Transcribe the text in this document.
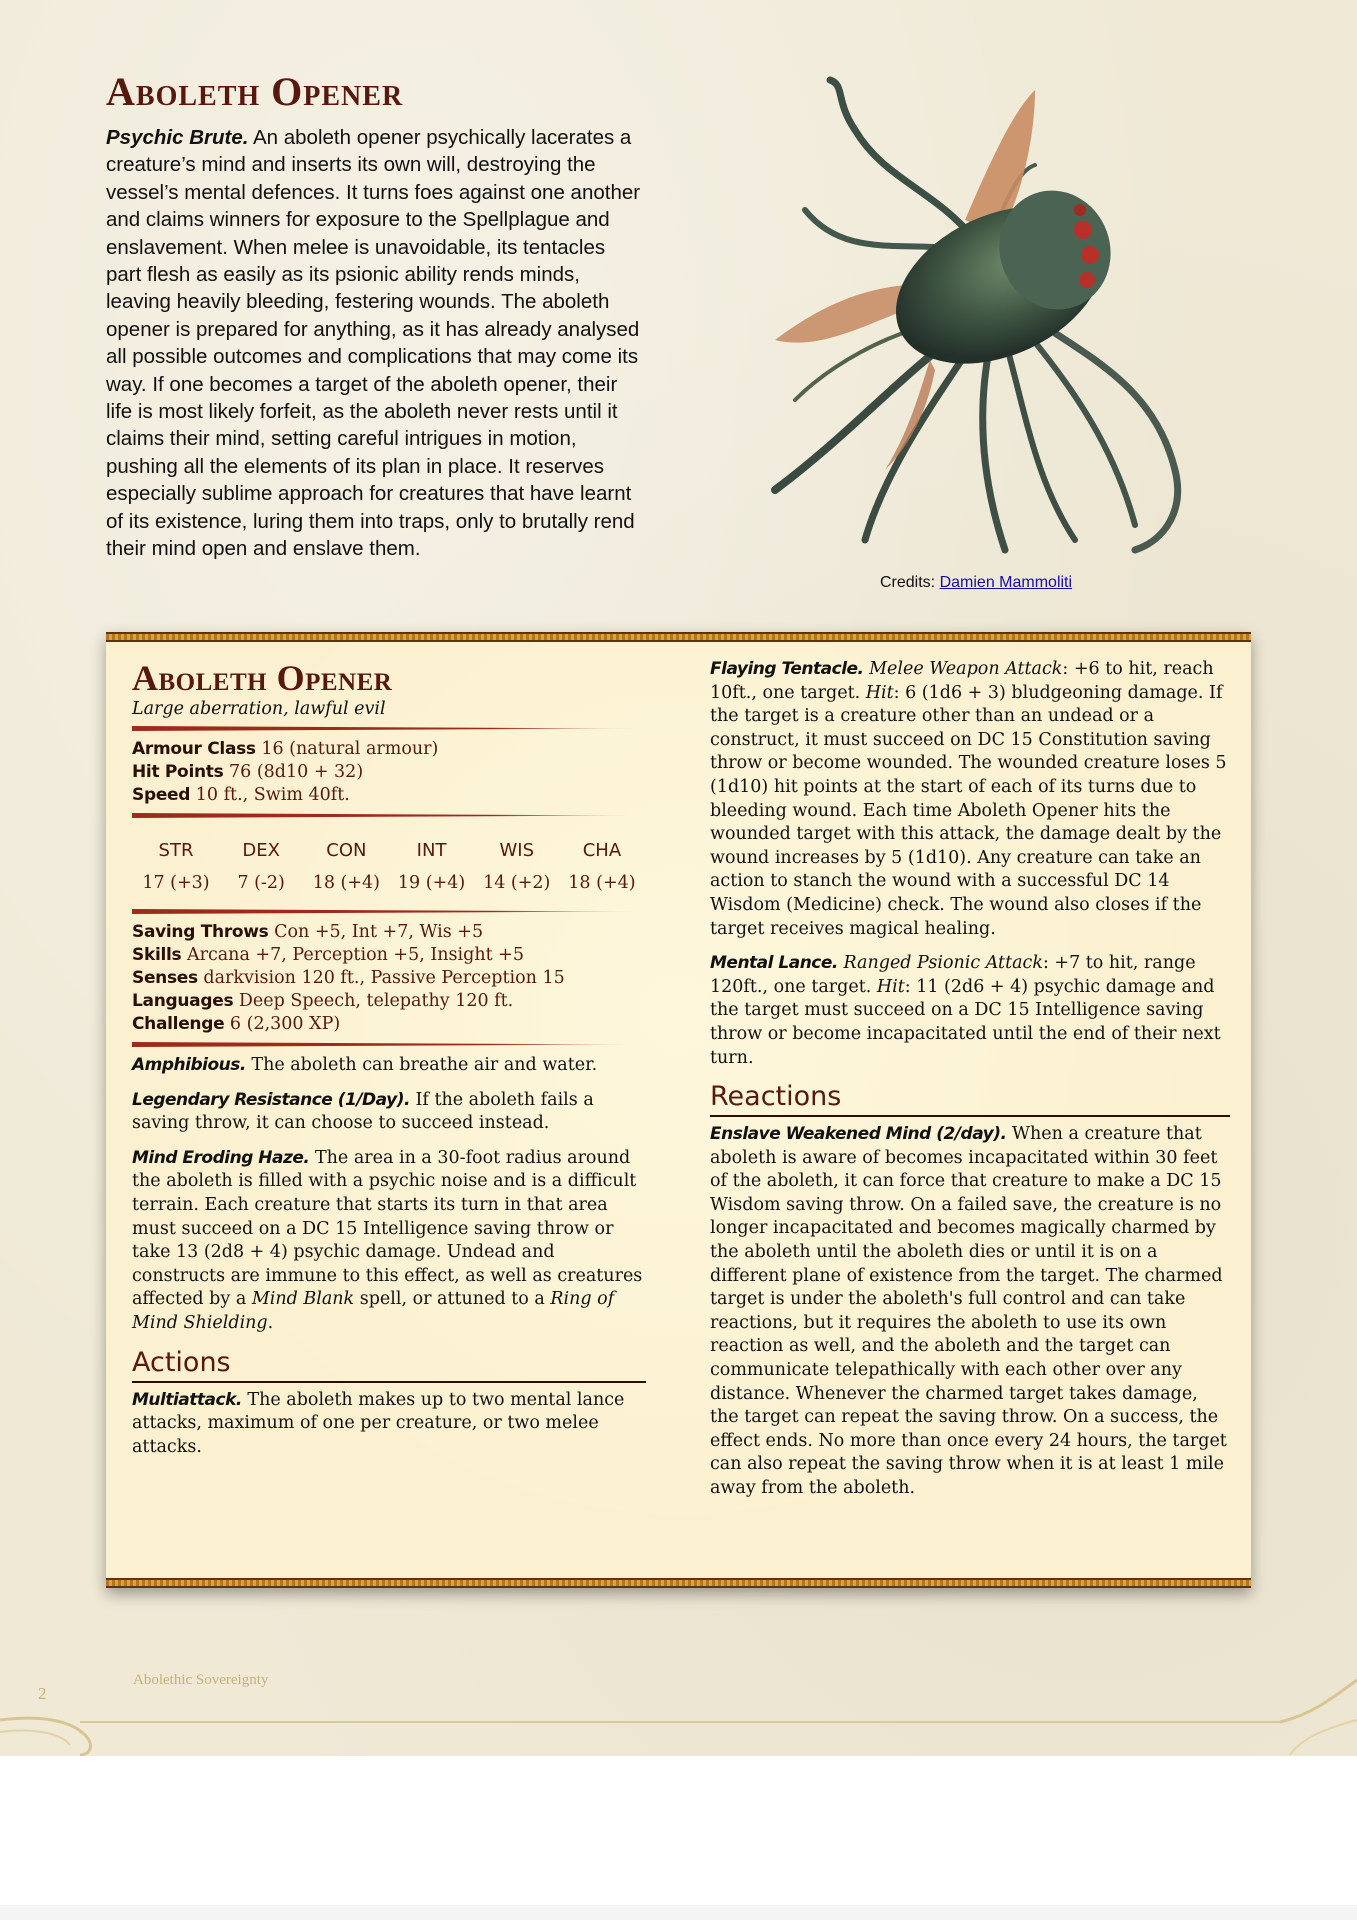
Aboleth Opener

Psychic Brute. An aboleth opener psychically lacerates a creature’s mind and inserts its own will, destroying the vessel’s mental defences. It turns foes against one another and claims winners for exposure to the Spellplague and enslavement. When melee is unavoidable, its tentacles part flesh as easily as its psionic ability rends minds, leaving heavily bleeding, festering wounds. The aboleth opener is prepared for anything, as it has already analysed all possible outcomes and complications that may come its way. If one becomes a target of the aboleth opener, their life is most likely forfeit, as the aboleth never rests until it claims their mind, setting careful intrigues in motion, pushing all the elements of its plan in place. It reserves especially sublime approach for creatures that have learnt of its existence, luring them into traps, only to brutally rend their mind open and enslave them.

Credits: Damien Mammoliti
Aboleth Opener

Large aberration, lawful evil

Armour Class 16 (natural armour)
Hit Points 76 (8d10 + 32)
Speed 10 ft., Swim 40ft.
STR
17 (+3)
DEX
7 (-2)
CON
18 (+4)
INT
19 (+4)
WIS
14 (+2)
CHA
18 (+4)
Saving Throws Con +5, Int +7, Wis +5
Skills Arcana +7, Perception +5, Insight +5
Senses darkvision 120 ft., Passive Perception 15
Languages Deep Speech, telepathy 120 ft.
Challenge 6 (2,300 XP)

Amphibious. The aboleth can breathe air and water.

Legendary Resistance (1/Day). If the aboleth fails a saving throw, it can choose to succeed instead.

Mind Eroding Haze. The area in a 30-foot radius around the aboleth is filled with a psychic noise and is a difficult terrain. Each creature that starts its turn in that area must succeed on a DC 15 Intelligence saving throw or take 13 (2d8 + 4) psychic damage. Undead and constructs are immune to this effect, as well as creatures affected by a Mind Blank spell, or attuned to a Ring of Mind Shielding.

Actions

Multiattack. The aboleth makes up to two mental lance attacks, maximum of one per creature, or two melee attacks.

Flaying Tentacle. Melee Weapon Attack: +6 to hit, reach 10ft., one target. Hit: 6 (1d6 + 3) bludgeoning damage. If the target is a creature other than an undead or a construct, it must succeed on DC 15 Constitution saving throw or become wounded. The wounded creature loses 5 (1d10) hit points at the start of each of its turns due to bleeding wound. Each time Aboleth Opener hits the wounded target with this attack, the damage dealt by the wound increases by 5 (1d10). Any creature can take an action to stanch the wound with a successful DC 14 Wisdom (Medicine) check. The wound also closes if the target receives magical healing.

Mental Lance. Ranged Psionic Attack: +7 to hit, range 120ft., one target. Hit: 11 (2d6 + 4) psychic damage and the target must succeed on a DC 15 Intelligence saving throw or become incapacitated until the end of their next turn.

Reactions

Enslave Weakened Mind (2/day). When a creature that aboleth is aware of becomes incapacitated within 30 feet of the aboleth, it can force that creature to make a DC 15 Wisdom saving throw. On a failed save, the creature is no longer incapacitated and becomes magically charmed by the aboleth until the aboleth dies or until it is on a different plane of existence from the target. The charmed target is under the aboleth's full control and can take reactions, but it requires the aboleth to use its own reaction as well, and the aboleth and the target can communicate telepathically with each other over any distance. Whenever the charmed target takes damage, the target can repeat the saving throw. On a success, the effect ends. No more than once every 24 hours, the target can also repeat the saving throw when it is at least 1 mile away from the aboleth.

Abolethic Sovereignty
2
